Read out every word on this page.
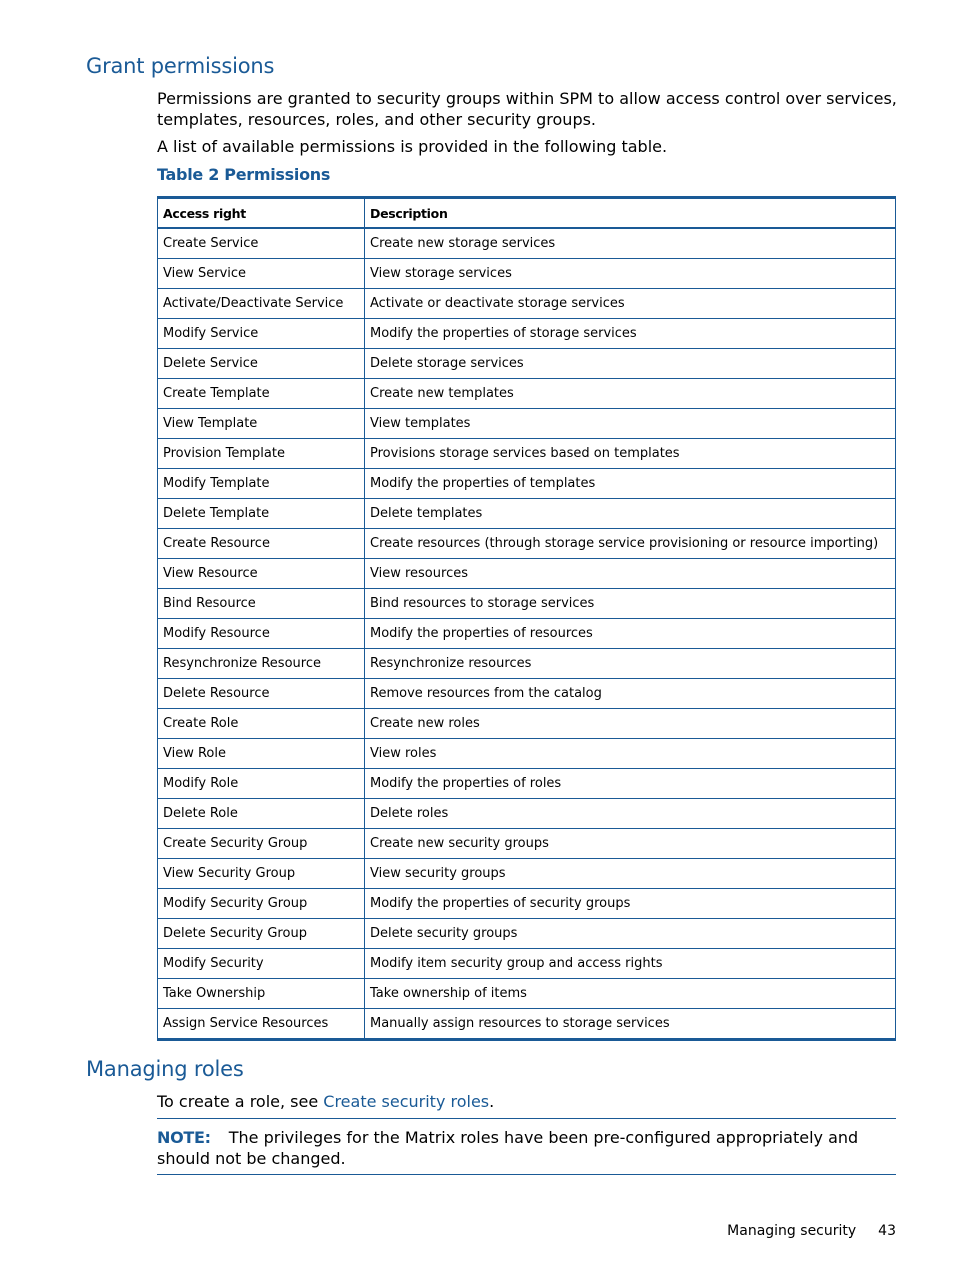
Grant permissions

Permissions are granted to security groups within SPM to allow access control over services, templates, resources, roles, and other security groups.

A list of available permissions is provided in the following table.

Table 2 Permissions

Access right	Description
Create Service	Create new storage services
View Service	View storage services
Activate/Deactivate Service	Activate or deactivate storage services
Modify Service	Modify the properties of storage services
Delete Service	Delete storage services
Create Template	Create new templates
View Template	View templates
Provision Template	Provisions storage services based on templates
Modify Template	Modify the properties of templates
Delete Template	Delete templates
Create Resource	Create resources (through storage service provisioning or resource importing)
View Resource	View resources
Bind Resource	Bind resources to storage services
Modify Resource	Modify the properties of resources
Resynchronize Resource	Resynchronize resources
Delete Resource	Remove resources from the catalog
Create Role	Create new roles
View Role	View roles
Modify Role	Modify the properties of roles
Delete Role	Delete roles
Create Security Group	Create new security groups
View Security Group	View security groups
Modify Security Group	Modify the properties of security groups
Delete Security Group	Delete security groups
Modify Security	Modify item security group and access rights
Take Ownership	Take ownership of items
Assign Service Resources	Manually assign resources to storage services
Managing roles

To create a role, see Create security roles.

NOTE: The privileges for the Matrix roles have been pre-configured appropriately and should not be changed.

Managing security 43
